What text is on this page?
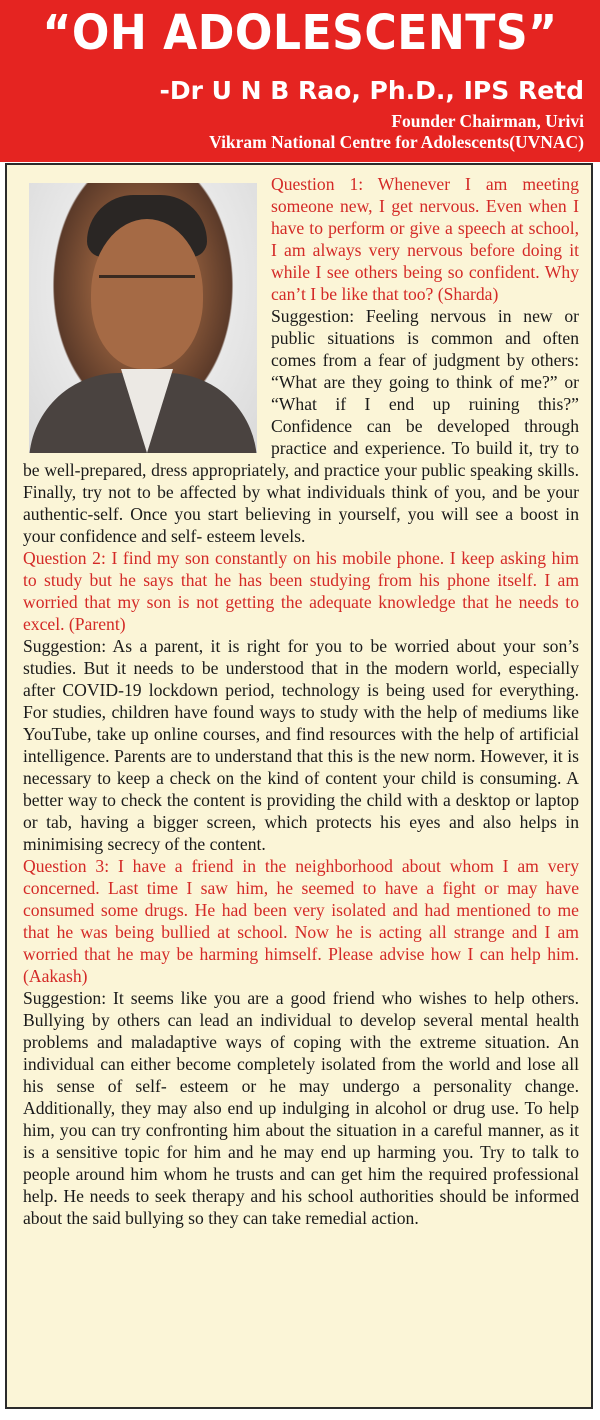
“OH ADOLESCENTS”
-Dr U N B Rao, Ph.D., IPS Retd
Founder Chairman, Urivi
Vikram National Centre for Adolescents(UVNAC)

Question 1: Whenever I am meeting someone new, I get nervous. Even when I have to perform or give a speech at school, I am always very nervous before doing it while I see others being so confident. Why can’t I be like that too? (Sharda)

Suggestion: Feeling nervous in new or public situations is common and often comes from a fear of judgment by others: “What are they going to think of me?” or “What if I end up ruining this?” Confidence can be developed through practice and experience. To build it, try to be well-prepared, dress appropriately, and practice your public speaking skills. Finally, try not to be affected by what individuals think of you, and be your authentic-self. Once you start believing in yourself, you will see a boost in your confidence and self- esteem levels.

Question 2: I find my son constantly on his mobile phone. I keep asking him to study but he says that he has been studying from his phone itself. I am worried that my son is not getting the adequate knowledge that he needs to excel. (Parent)

Suggestion: As a parent, it is right for you to be worried about your son’s studies. But it needs to be understood that in the modern world, especially after COVID-19 lockdown period, technology is being used for everything. For studies, children have found ways to study with the help of mediums like YouTube, take up online courses, and find resources with the help of artificial intelligence. Parents are to understand that this is the new norm. However, it is necessary to keep a check on the kind of content your child is consuming. A better way to check the content is providing the child with a desktop or laptop or tab, having a bigger screen, which protects his eyes and also helps in minimising secrecy of the content.

Question 3: I have a friend in the neighborhood about whom I am very concerned. Last time I saw him, he seemed to have a fight or may have consumed some drugs. He had been very isolated and had mentioned to me that he was being bullied at school. Now he is acting all strange and I am worried that he may be harming himself. Please advise how I can help him. (Aakash)

Suggestion: It seems like you are a good friend who wishes to help others. Bullying by others can lead an individual to develop several mental health problems and maladaptive ways of coping with the extreme situation. An individual can either become completely isolated from the world and lose all his sense of self- esteem or he may undergo a personality change. Additionally, they may also end up indulging in alcohol or drug use. To help him, you can try confronting him about the situation in a careful manner, as it is a sensitive topic for him and he may end up harming you. Try to talk to people around him whom he trusts and can get him the required professional help. He needs to seek therapy and his school authorities should be informed about the said bullying so they can take remedial action.
